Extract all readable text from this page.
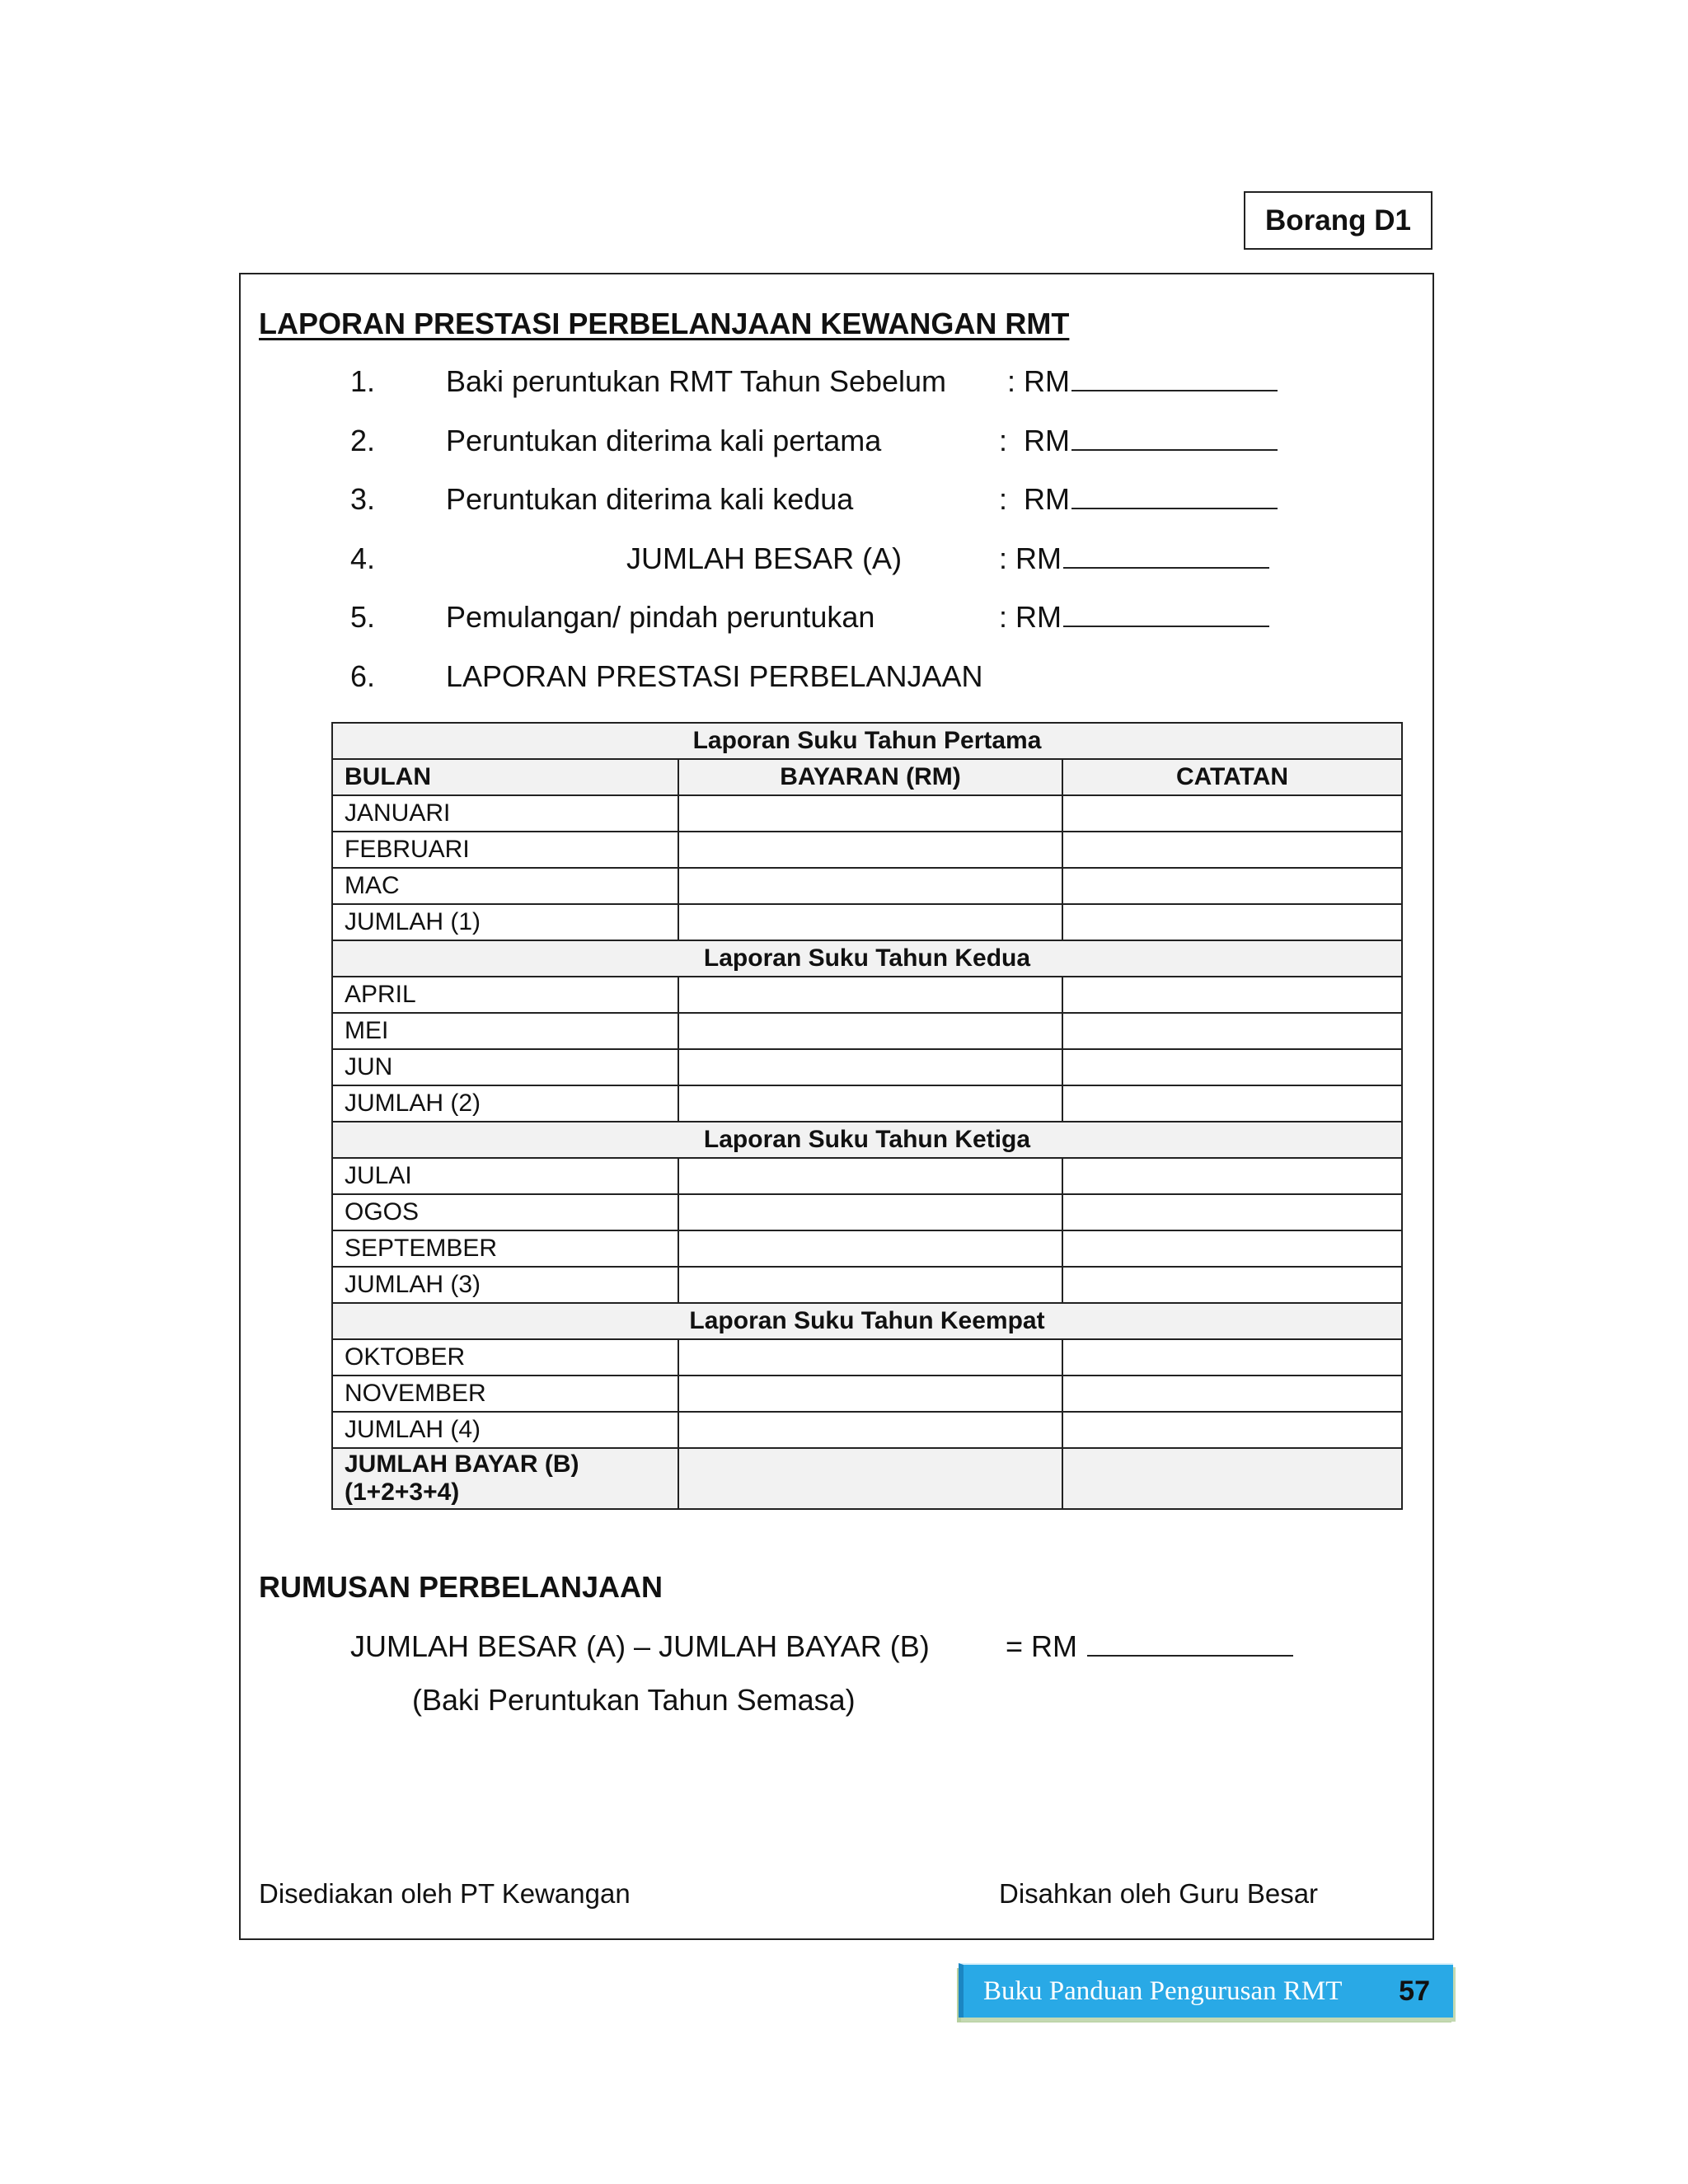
Borang D1
LAPORAN PRESTASI PERBELANJAAN KEWANGAN RMT
1. Baki peruntukan RMT Tahun Sebelum : RM
2. Peruntukan diterima kali pertama	:  RM
3. Peruntukan diterima kali kedua	:  RM
4.	JUMLAH BESAR (A)	: RM
5. Pemulangan/ pindah peruntukan	: RM
6. LAPORAN PRESTASI PERBELANJAAN
Laporan Suku Tahun Pertama		
BULAN	BAYARAN (RM)	CATATAN
JANUARI		
FEBRUARI		
MAC		
JUMLAH (1)		
Laporan Suku Tahun Kedua		
APRIL		
MEI		
JUN		
JUMLAH (2)		
Laporan Suku Tahun Ketiga		
JULAI		
OGOS		
SEPTEMBER		
JUMLAH (3)		
Laporan Suku Tahun Keempat		
OKTOBER		
NOVEMBER		
JUMLAH (4)		
JUMLAH BAYAR (B)
(1+2+3+4)		
RUMUSAN PERBELANJAAN
JUMLAH BESAR (A) – JUMLAH BAYAR (B)	= RM
(Baki Peruntukan Tahun Semasa)
Disediakan oleh PT Kewangan	Disahkan oleh Guru Besar
Buku Panduan Pengurusan RMT 57
